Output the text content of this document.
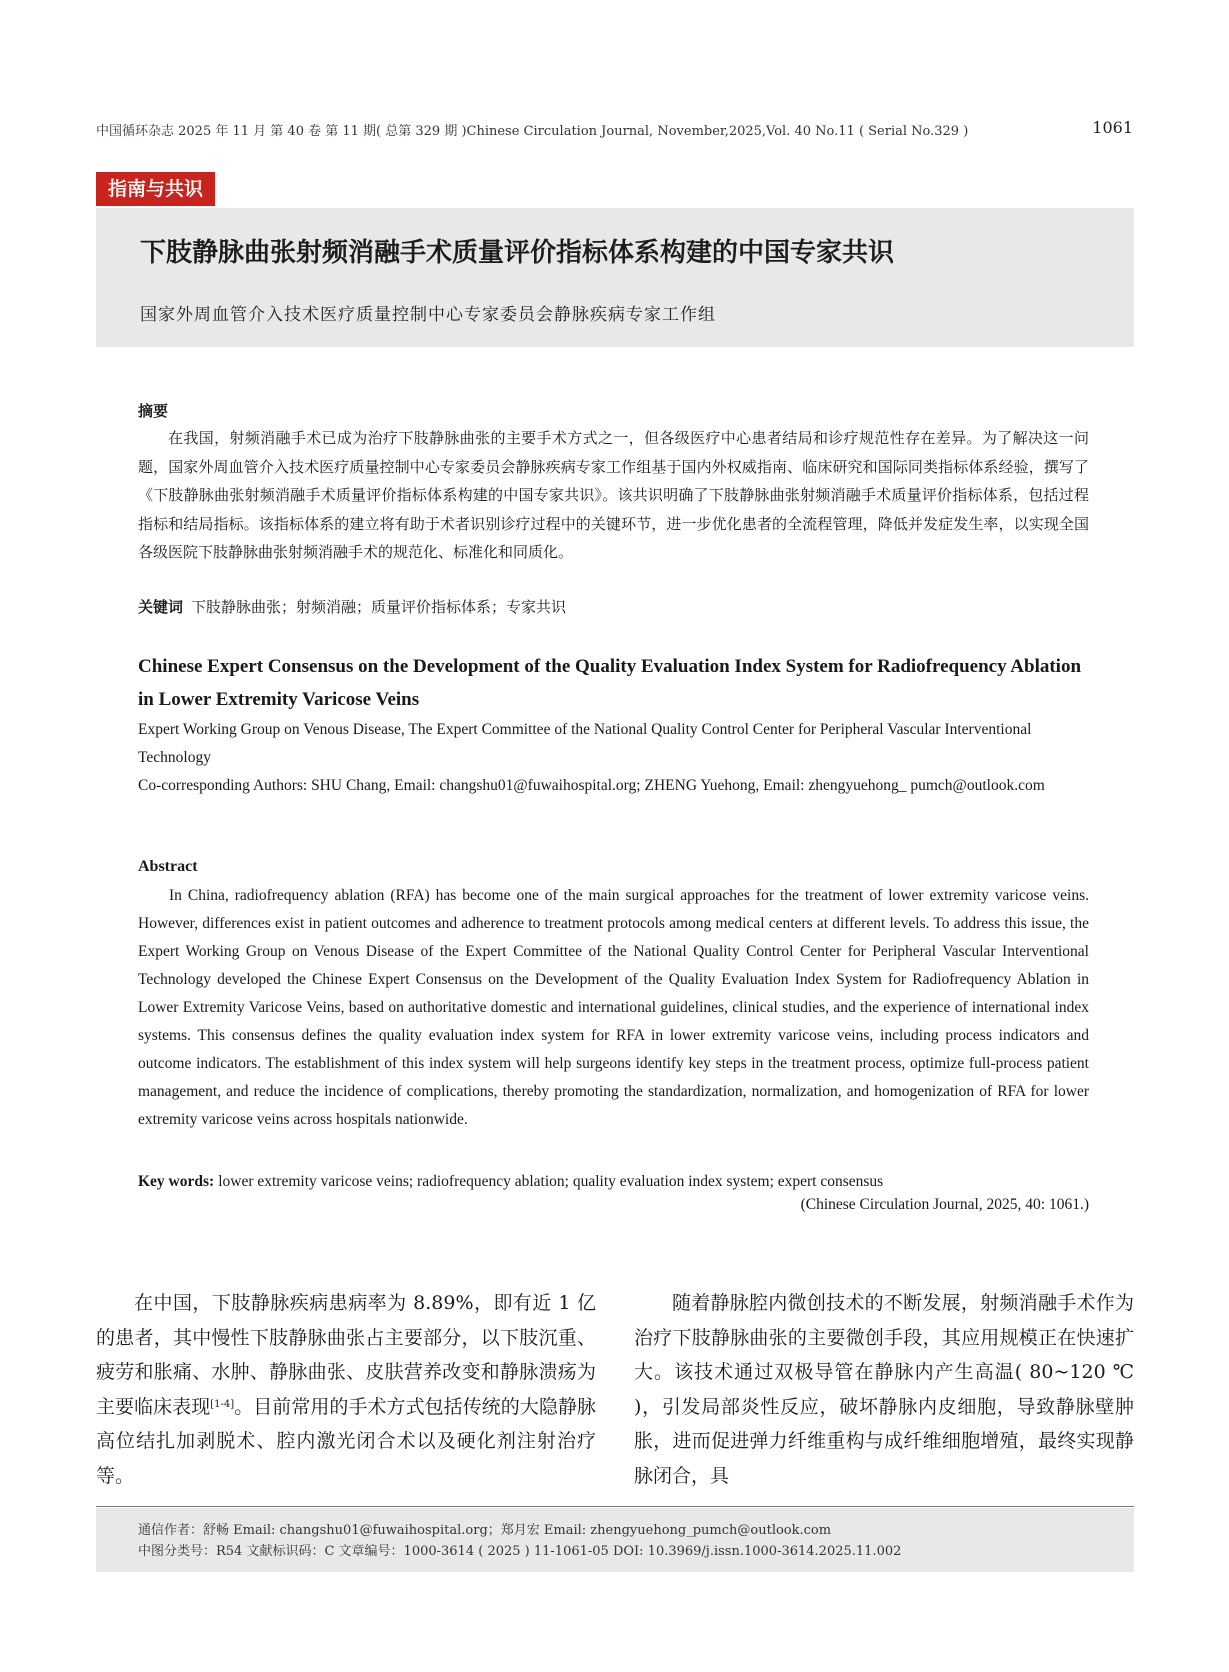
中国循环杂志 2025 年 11 月 第 40 卷 第 11 期( 总第 329 期 )Chinese Circulation Journal, November,2025,Vol. 40 No.11 ( Serial No.329 )	1061
指南与共识
下肢静脉曲张射频消融手术质量评价指标体系构建的中国专家共识
国家外周血管介入技术医疗质量控制中心专家委员会静脉疾病专家工作组
摘要
在我国，射频消融手术已成为治疗下肢静脉曲张的主要手术方式之一，但各级医疗中心患者结局和诊疗规范性存在差异。为了解决这一问题，国家外周血管介入技术医疗质量控制中心专家委员会静脉疾病专家工作组基于国内外权威指南、临床研究和国际同类指标体系经验，撰写了《下肢静脉曲张射频消融手术质量评价指标体系构建的中国专家共识》。该共识明确了下肢静脉曲张射频消融手术质量评价指标体系，包括过程指标和结局指标。该指标体系的建立将有助于术者识别诊疗过程中的关键环节，进一步优化患者的全流程管理，降低并发症发生率，以实现全国各级医院下肢静脉曲张射频消融手术的规范化、标准化和同质化。
关键词 下肢静脉曲张；射频消融；质量评价指标体系；专家共识
Chinese Expert Consensus on the Development of the Quality Evaluation Index System for Radiofrequency Ablation in Lower Extremity Varicose Veins
Expert Working Group on Venous Disease, The Expert Committee of the National Quality Control Center for Peripheral Vascular Interventional Technology
Co-corresponding Authors: SHU Chang, Email: changshu01@fuwaihospital.org; ZHENG Yuehong, Email: zhengyuehong_ pumch@outlook.com
Abstract
In China, radiofrequency ablation (RFA) has become one of the main surgical approaches for the treatment of lower extremity varicose veins. However, differences exist in patient outcomes and adherence to treatment protocols among medical centers at different levels. To address this issue, the Expert Working Group on Venous Disease of the Expert Committee of the National Quality Control Center for Peripheral Vascular Interventional Technology developed the Chinese Expert Consensus on the Development of the Quality Evaluation Index System for Radiofrequency Ablation in Lower Extremity Varicose Veins, based on authoritative domestic and international guidelines, clinical studies, and the experience of international index systems. This consensus defines the quality evaluation index system for RFA in lower extremity varicose veins, including process indicators and outcome indicators. The establishment of this index system will help surgeons identify key steps in the treatment process, optimize full-process patient management, and reduce the incidence of complications, thereby promoting the standardization, normalization, and homogenization of RFA for lower extremity varicose veins across hospitals nationwide.
Key words: lower extremity varicose veins; radiofrequency ablation; quality evaluation index system; expert consensus
(Chinese Circulation Journal, 2025, 40: 1061.)
在中国，下肢静脉疾病患病率为 8.89%，即有近 1 亿的患者，其中慢性下肢静脉曲张占主要部分，以下肢沉重、疲劳和胀痛、水肿、静脉曲张、皮肤营养改变和静脉溃疡为主要临床表现[1-4]。目前常用的手术方式包括传统的大隐静脉高位结扎加剥脱术、腔内激光闭合术以及硬化剂注射治疗等。
随着静脉腔内微创技术的不断发展，射频消融手术作为治疗下肢静脉曲张的主要微创手段，其应用规模正在快速扩大。该技术通过双极导管在静脉内产生高温( 80~120 ℃ )，引发局部炎性反应，破坏静脉内皮细胞，导致静脉壁肿胀，进而促进弹力纤维重构与成纤维细胞增殖，最终实现静脉闭合，具
通信作者：舒畅 Email: changshu01@fuwaihospital.org；郑月宏 Email: zhengyuehong_pumch@outlook.com
中图分类号：R54 文献标识码：C 文章编号：1000-3614 ( 2025 ) 11-1061-05 DOI: 10.3969/j.issn.1000-3614.2025.11.002
